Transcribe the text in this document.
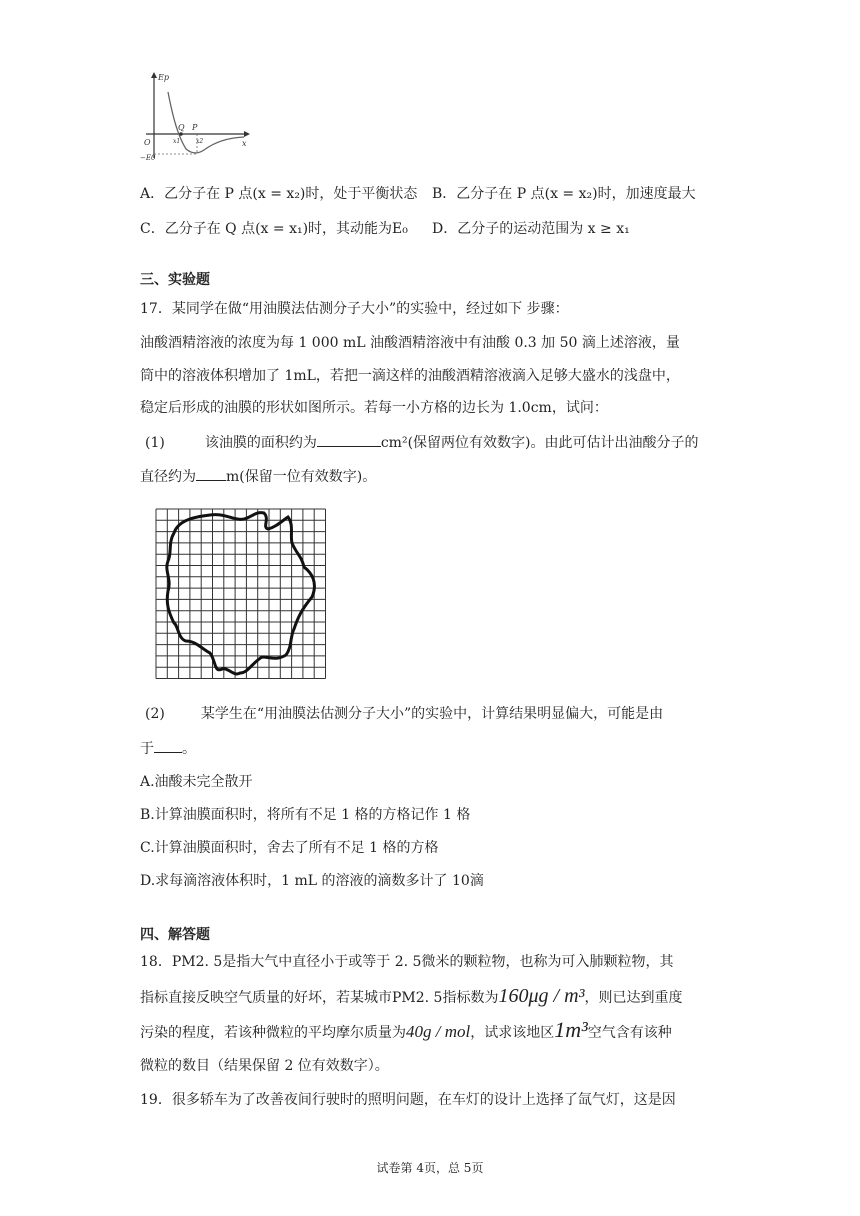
Ep
x
O
−E0
Q P
x1	x2
A．乙分子在 P 点(x = x₂)时，处于平衡状态 B．乙分子在 P 点(x = x₂)时，加速度最大
C．乙分子在 Q 点(x = x₁)时，其动能为E₀ D．乙分子的运动范围为 x ≥ x₁
三、实验题
17．某同学在做“用油膜法估测分子大小”的实验中，经过如下 步骤：
油酸酒精溶液的浓度为每 1 000 mL 油酸酒精溶液中有油酸 0.3 加 50 滴上述溶液，量
筒中的溶液体积增加了 1mL，若把一滴这样的油酸酒精溶液滴入足够大盛水的浅盘中，
稳定后形成的油膜的形状如图所示。若每一小方格的边长为 1.0cm，试问：
(1)	该油膜的面积约为	cm²(保留两位有效数字)。由此可估计出油酸分子的
直径约为 m(保留一位有效数字)。
(2)	某学生在“用油膜法估测分子大小”的实验中，计算结果明显偏大，可能是由
于 。
A.油酸未完全散开
B.计算油膜面积时，将所有不足 1 格的方格记作 1 格
C.计算油膜面积时，舍去了所有不足 1 格的方格
D.求每滴溶液体积时，1 mL 的溶液的滴数多计了 10滴
四、解答题
18．PM2. 5是指大气中直径小于或等于 2. 5微米的颗粒物，也称为可入肺颗粒物，其
指标直接反映空气质量的好坏，若某城市PM2. 5指标数为160μg / m³，则已达到重度
污染的程度，若该种微粒的平均摩尔质量为40g / mol，试求该地区1m³空气含有该种
微粒的数目（结果保留 2 位有效数字）。
19．很多轿车为了改善夜间行驶时的照明问题，在车灯的设计上选择了氙气灯，这是因
试卷第 4页，总 5页
